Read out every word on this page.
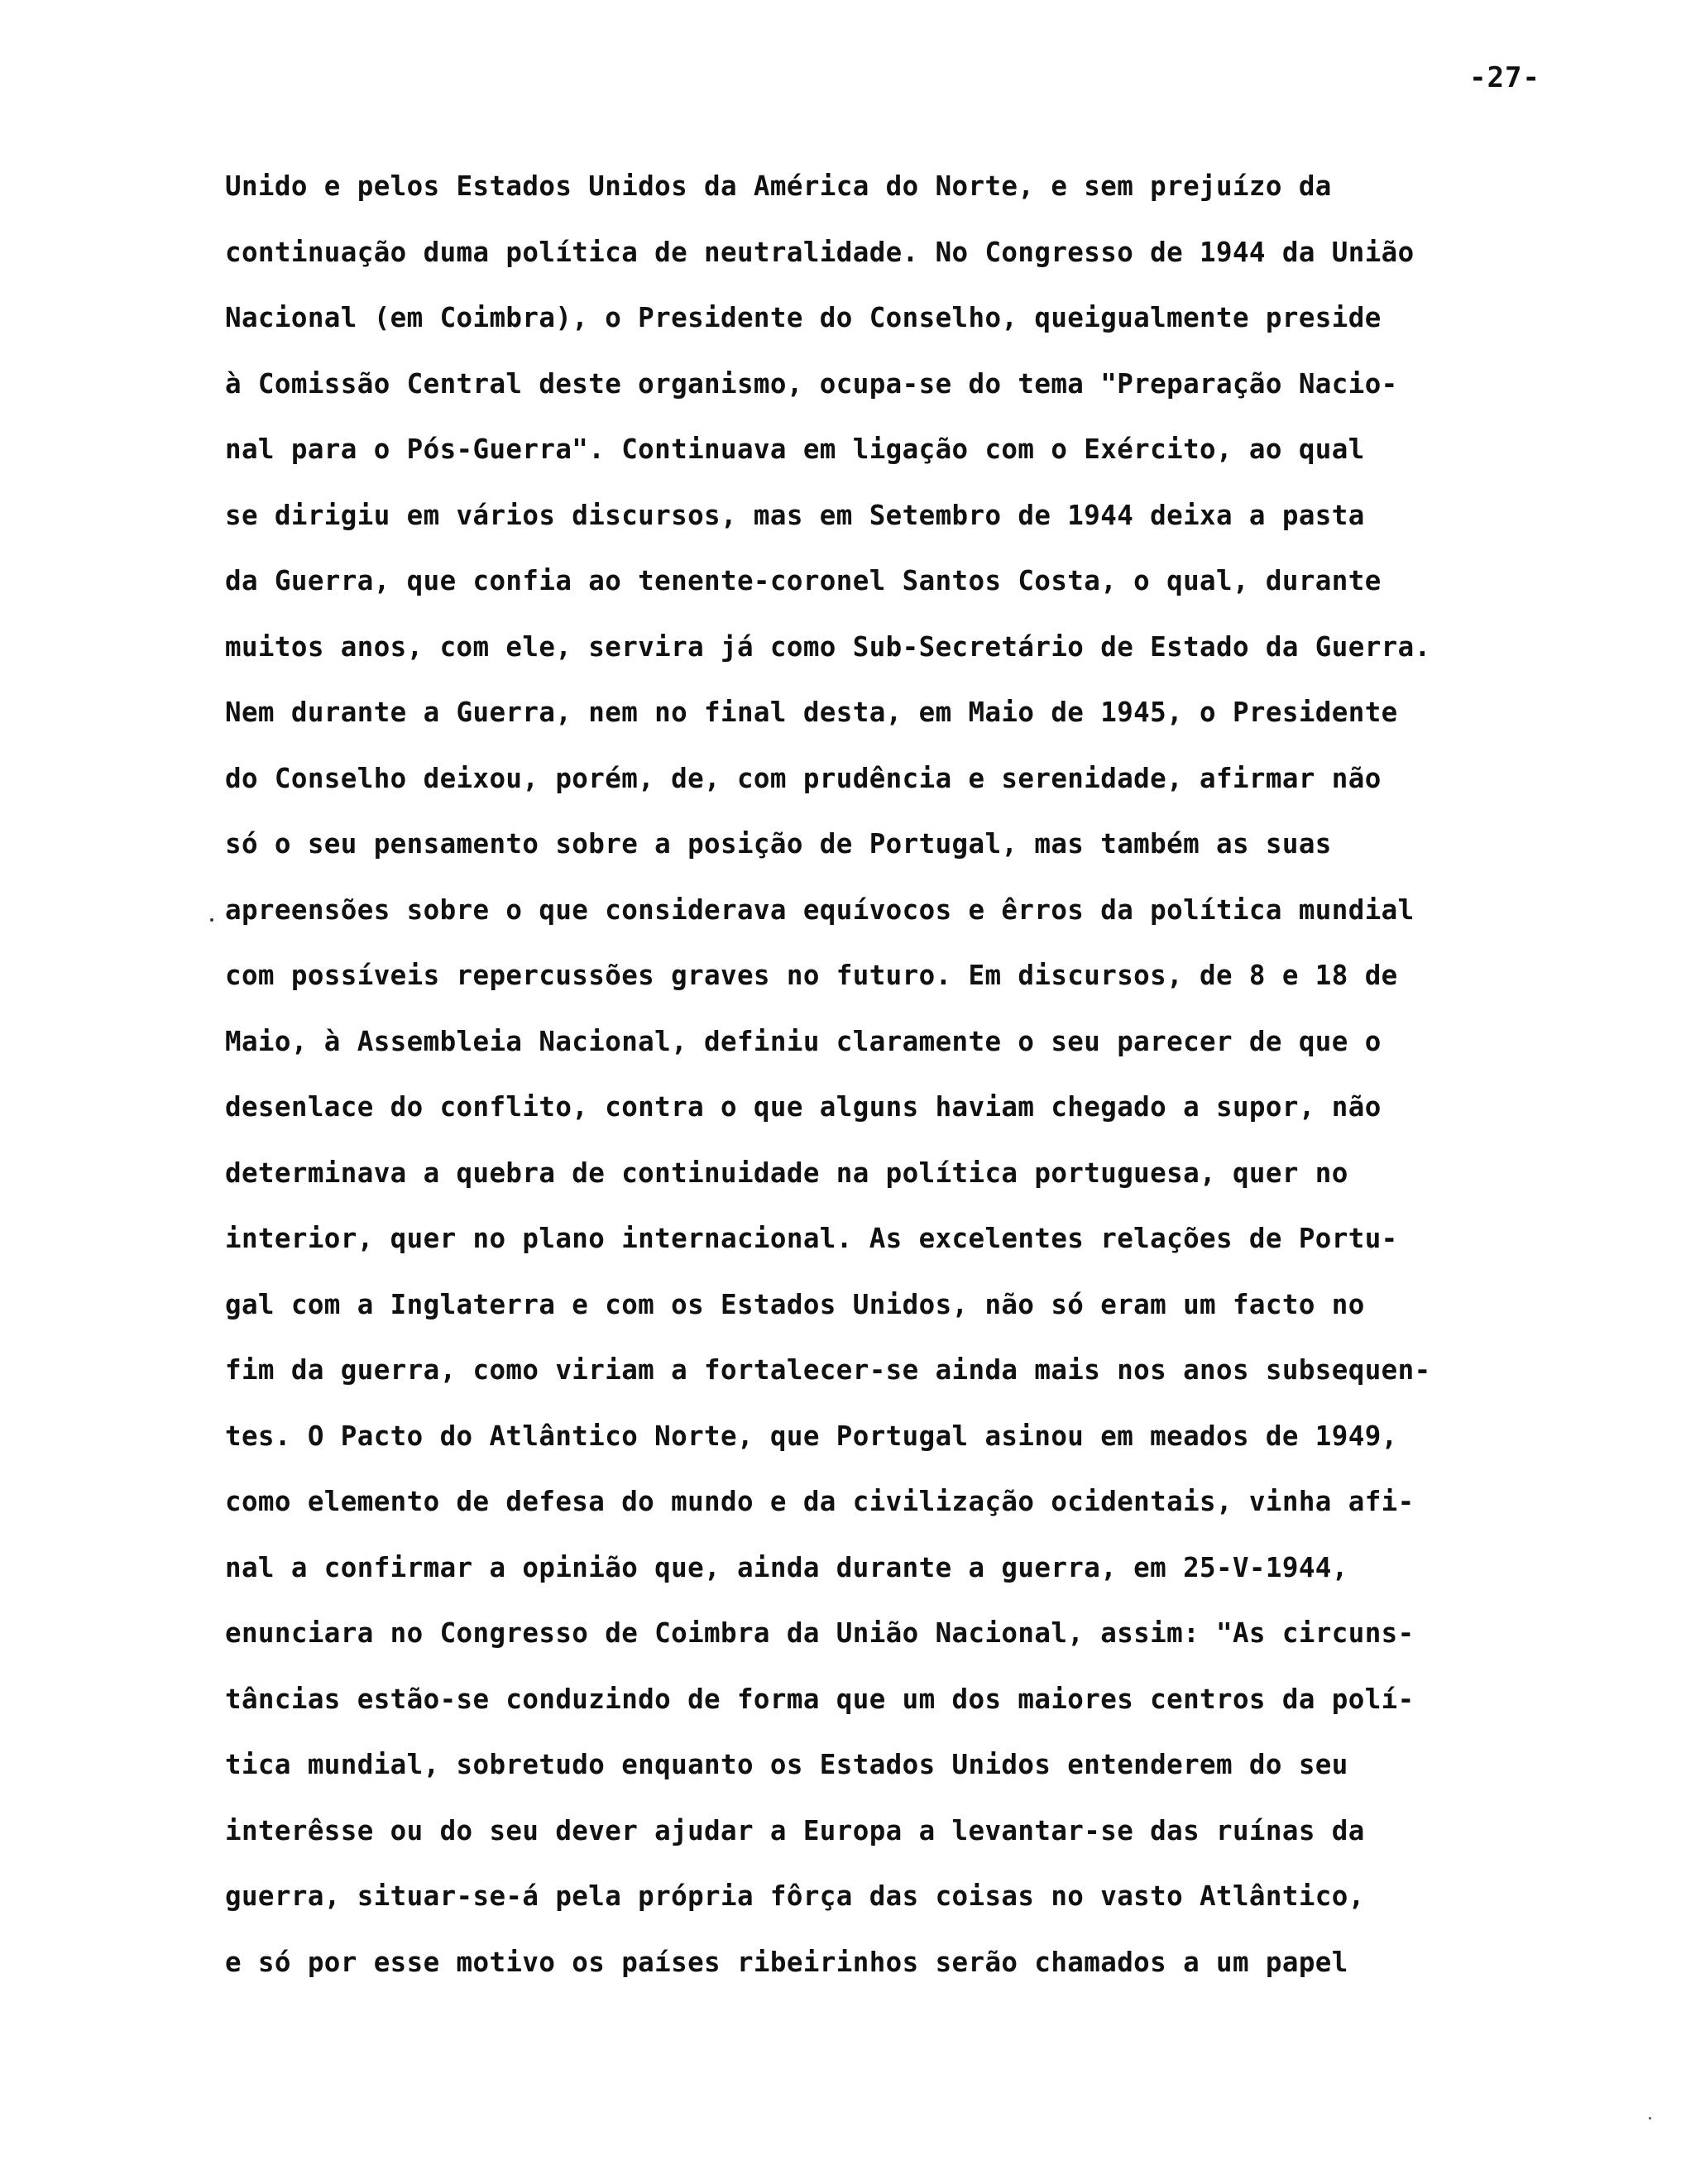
-27-
Unido e pelos Estados Unidos da América do Norte, e sem prejuízo da
continuação duma política de neutralidade. No Congresso de 1944 da União
Nacional (em Coimbra), o Presidente do Conselho, queigualmente preside
à Comissão Central deste organismo, ocupa-se do tema "Preparação Nacio-
nal para o Pós-Guerra". Continuava em ligação com o Exército, ao qual
se dirigiu em vários discursos, mas em Setembro de 1944 deixa a pasta
da Guerra, que confia ao tenente-coronel Santos Costa, o qual, durante
muitos anos, com ele, servira já como Sub-Secretário de Estado da Guerra.
Nem durante a Guerra, nem no final desta, em Maio de 1945, o Presidente
do Conselho deixou, porém, de, com prudência e serenidade, afirmar não
só o seu pensamento sobre a posição de Portugal, mas também as suas
apreensões sobre o que considerava equívocos e êrros da política mundial
com possíveis repercussões graves no futuro. Em discursos, de 8 e 18 de
Maio, à Assembleia Nacional, definiu claramente o seu parecer de que o
desenlace do conflito, contra o que alguns haviam chegado a supor, não
determinava a quebra de continuidade na política portuguesa, quer no
interior, quer no plano internacional. As excelentes relações de Portu-
gal com a Inglaterra e com os Estados Unidos, não só eram um facto no
fim da guerra, como viriam a fortalecer-se ainda mais nos anos subsequen-
tes. O Pacto do Atlântico Norte, que Portugal asinou em meados de 1949,
como elemento de defesa do mundo e da civilização ocidentais, vinha afi-
nal a confirmar a opinião que, ainda durante a guerra, em 25-V-1944,
enunciara no Congresso de Coimbra da União Nacional, assim: "As circuns-
tâncias estão-se conduzindo de forma que um dos maiores centros da polí-
tica mundial, sobretudo enquanto os Estados Unidos entenderem do seu
interêsse ou do seu dever ajudar a Europa a levantar-se das ruínas da
guerra, situar-se-á pela própria fôrça das coisas no vasto Atlântico,
e só por esse motivo os países ribeirinhos serão chamados a um papel
